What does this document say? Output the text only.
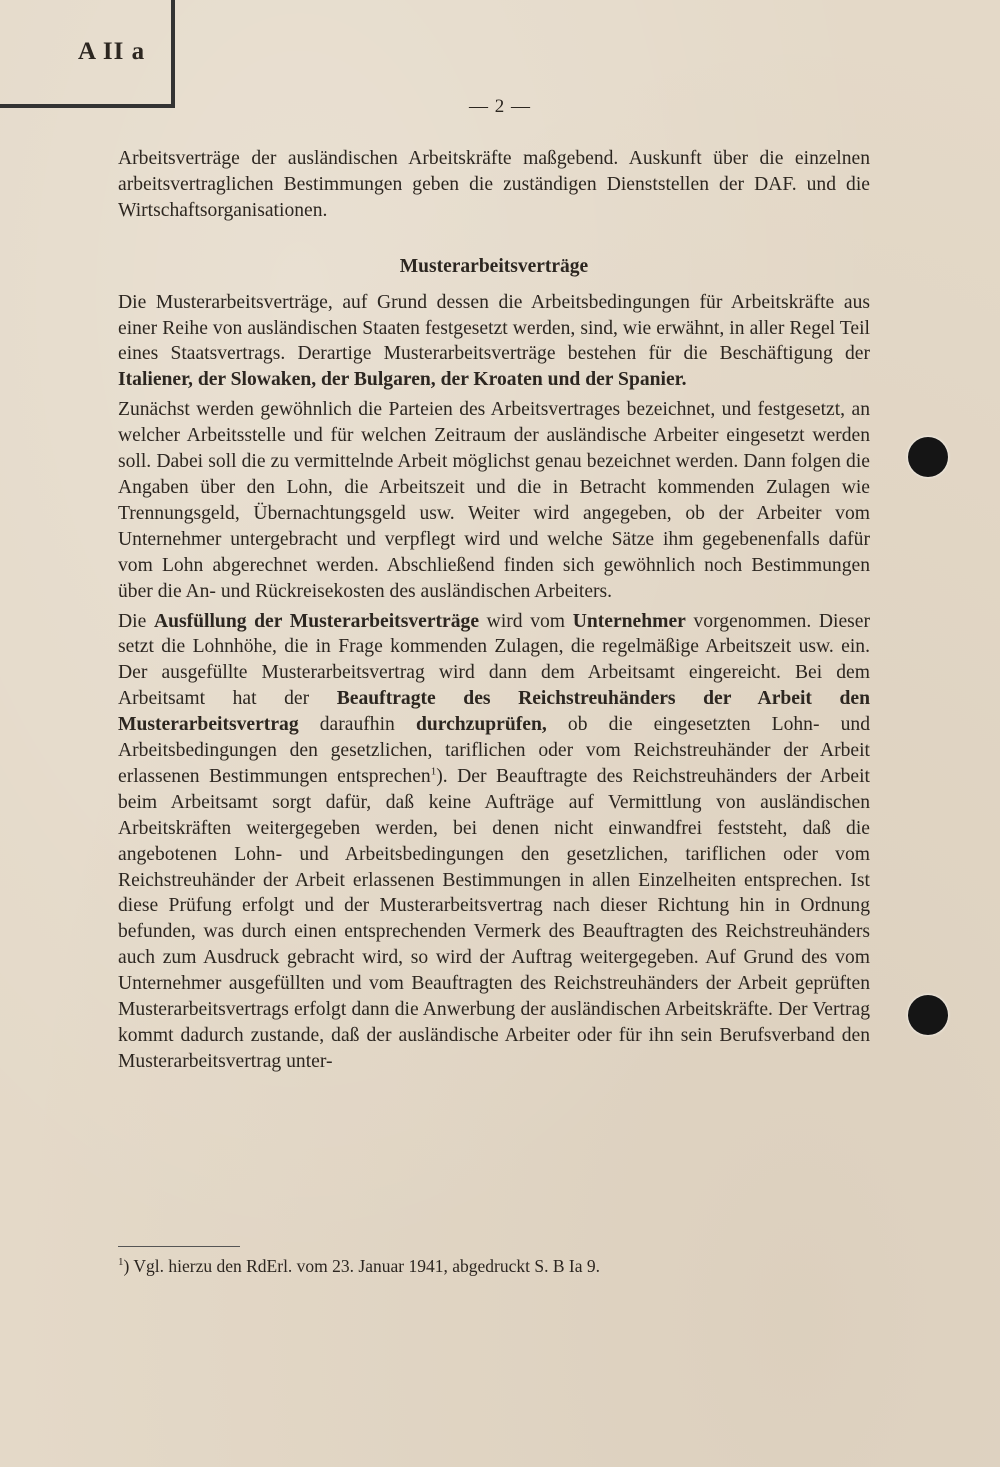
A II a
— 2 —

Arbeitsverträge der ausländischen Arbeitskräfte maßgebend. Auskunft über die einzelnen arbeitsvertraglichen Bestimmungen geben die zuständigen Dienststellen der DAF. und die Wirtschaftsorganisationen.

Musterarbeitsverträge

Die Musterarbeitsverträge, auf Grund dessen die Arbeitsbedingungen für Arbeitskräfte aus einer Reihe von ausländischen Staaten festgesetzt werden, sind, wie erwähnt, in aller Regel Teil eines Staatsvertrags. Derartige Musterarbeitsverträge bestehen für die Beschäftigung der Italiener, der Slowaken, der Bulgaren, der Kroaten und der Spanier.

Zunächst werden gewöhnlich die Parteien des Arbeitsvertrages bezeichnet, und festgesetzt, an welcher Arbeitsstelle und für welchen Zeitraum der ausländische Arbeiter eingesetzt werden soll. Dabei soll die zu vermittelnde Arbeit möglichst genau bezeichnet werden. Dann folgen die Angaben über den Lohn, die Arbeitszeit und die in Betracht kommenden Zulagen wie Trennungsgeld, Übernachtungsgeld usw. Weiter wird angegeben, ob der Arbeiter vom Unternehmer untergebracht und verpflegt wird und welche Sätze ihm gegebenenfalls dafür vom Lohn abgerechnet werden. Abschließend finden sich gewöhnlich noch Bestimmungen über die An- und Rückreisekosten des ausländischen Arbeiters.

Die Ausfüllung der Musterarbeitsverträge wird vom Unternehmer vorgenommen. Dieser setzt die Lohnhöhe, die in Frage kommenden Zulagen, die regelmäßige Arbeitszeit usw. ein. Der ausgefüllte Musterarbeitsvertrag wird dann dem Arbeitsamt eingereicht. Bei dem Arbeitsamt hat der Beauftragte des Reichstreuhänders der Arbeit den Musterarbeitsvertrag daraufhin durchzuprüfen, ob die eingesetzten Lohn- und Arbeitsbedingungen den gesetzlichen, tariflichen oder vom Reichstreuhänder der Arbeit erlassenen Bestimmungen entsprechen$^1$). Der Beauftragte des Reichstreuhänders der Arbeit beim Arbeitsamt sorgt dafür, daß keine Aufträge auf Vermittlung von ausländischen Arbeitskräften weitergegeben werden, bei denen nicht einwandfrei feststeht, daß die angebotenen Lohn- und Arbeitsbedingungen den gesetzlichen, tariflichen oder vom Reichstreuhänder der Arbeit erlassenen Bestimmungen in allen Einzelheiten entsprechen. Ist diese Prüfung erfolgt und der Musterarbeitsvertrag nach dieser Richtung hin in Ordnung befunden, was durch einen entsprechenden Vermerk des Beauftragten des Reichstreuhänders auch zum Ausdruck gebracht wird, so wird der Auftrag weitergegeben. Auf Grund des vom Unternehmer ausgefüllten und vom Beauftragten des Reichstreuhänders der Arbeit geprüften Musterarbeitsvertrags erfolgt dann die Anwerbung der ausländischen Arbeitskräfte. Der Vertrag kommt dadurch zustande, daß der ausländische Arbeiter oder für ihn sein Berufsverband den Musterarbeitsvertrag unter-

$^1$) Vgl. hierzu den RdErl. vom 23. Januar 1941, abgedruckt S. B Ia 9.
